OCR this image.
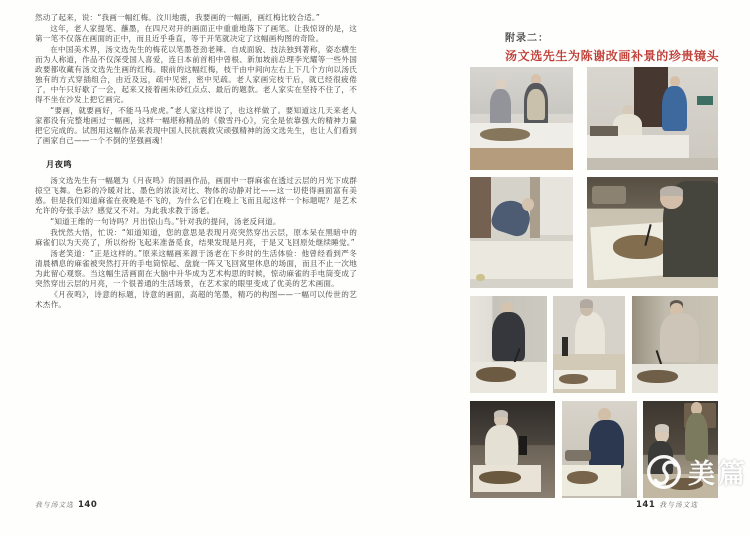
然动了起来，说：“我画一幅红梅。汶川地震，我要画的一幅画，画红梅比较合适。”

这年，老人家提笔、蘸墨，在四尺对开的画面正中重重地落下了画笔。让我惊讶的是，这第一笔不仅落在画面的正中，而且近乎垂直，等于开笔就决定了这幅画构图的奇险。

在中国美术界，汤文选先生的梅花以笔墨苍劲老辣、自成面貌、技法独到著称，姿态横生而为人称道，作品不仅深受国人喜爱，连日本前首相中曾根、新加坡前总理李光耀等一些外国政要都收藏有汤文选先生画的红梅。眼前的这幅红梅，枝干由中间向左右上下几个方向以汤氏独有的方式穿插组合，由近及远，疏中见密，密中见疏。老人家画完枝干后，就已经很疲倦了，中午只好歇了一会，起来又接着画朱砂红点点、最后的题款。老人家实在坚持不住了，不得不坐在沙发上把它画完。

“要画，就要画好，不能马马虎虎。”老人家这样说了，也这样做了。要知道这几天来老人家都没有完整地画过一幅画，这样一幅堪称精品的《傲雪丹心》，完全是依靠强大的精神力量把它完成的。试图用这幅作品来表现中国人民抗震救灾顽强精神的汤文选先生，也让人们看到了画家自己——一个不倒的坚强画魂！

月夜鸣

汤文选先生有一幅题为《月夜鸣》的国画作品，画面中一群麻雀在透过云层的月光下成群掠空飞舞。色彩的冷暖对比、墨色的浓淡对比、物体的动静对比——这一切使得画面富有美感。但是我们知道麻雀在夜晚是不飞的，为什么它们在晚上飞而且起这样一个标题呢？是艺术允许的夸张手法？感觉又不对。为此我求教于汤老。

“知道王维的一句诗吗？月出惊山鸟。”针对我的提问，汤老反问道。

我恍然大悟，忙说：“知道知道，您的意思是表现月亮突然穿出云层，原本呆在黑暗中的麻雀们以为天亮了，所以纷纷飞起来准备觅食，结果发现是月亮，于是又飞回原处继续睡觉。”

汤老笑道：“正是这样的。”原来这幅画来源于汤老在下乡时的生活体验：他曾经看到严冬清晨栖息的麻雀被突然打开的手电筒惊起、盘旋一阵又飞回窝里休息的场面，而且不止一次地为此留心观察。当这幅生活画面在大脑中升华成为艺术构思的时候，惊动麻雀的手电筒变成了突然穿出云层的月亮，一个很普通的生活场景，在艺术家的眼里变成了优美的艺术画面。

《月夜鸣》，诗意的标题，诗意的画面，高超的笔墨，精巧的构图——一幅可以传世的艺术杰作。

我与汤文选 140
附录二：
汤文选先生为陈谢改画补景的珍贵镜头
美篇
141 我与汤文选
